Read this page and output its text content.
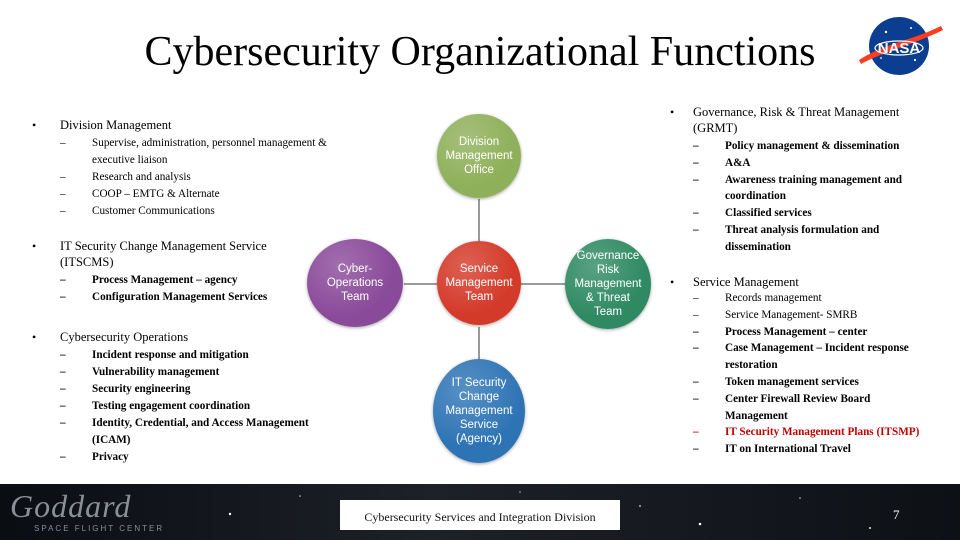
Cybersecurity Organizational Functions	NASA
• Division Management
– Supervise, administration, personnel management & executive liaison
– Research and analysis
– COOP – EMTG & Alternate
– Customer Communications
• IT Security Change Management Service (ITSCMS)
– Process Management – agency
– Configuration Management Services
• Cybersecurity Operations
– Incident response and mitigation
– Vulnerability management
– Security engineering
– Testing engagement coordination
– Identity, Credential, and Access Management (ICAM)
– Privacy
Division Management Office
Service Management Team
Cyber-Operations Team
Governance Risk Management & Threat Team
IT Security Change Management Service (Agency)
• Governance, Risk & Threat Management (GRMT)
– Policy management & dissemination
– A&A
– Awareness training management and coordination
– Classified services
– Threat analysis formulation and dissemination
• Service Management
– Records management
– Service Management- SMRB
– Process Management – center
– Case Management – Incident response restoration
– Token management services
– Center Firewall Review Board Management
– IT Security Management Plans (ITSMP)
– IT on International Travel
Goddard
SPACE FLIGHT CENTER
Cybersecurity Services and Integration Division	7
